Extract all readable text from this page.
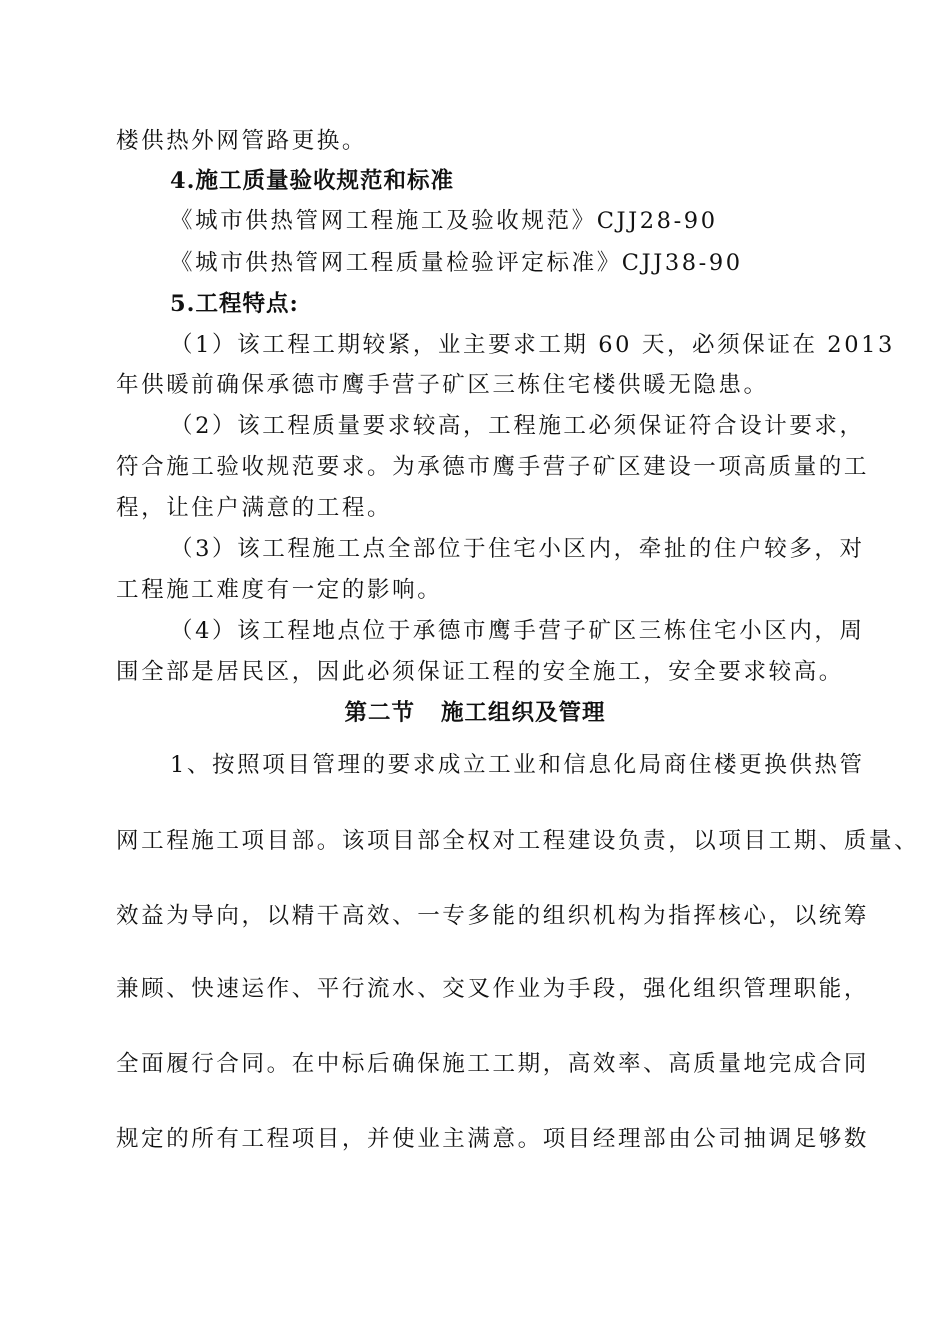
楼供热外网管路更换。
4.施工质量验收规范和标准
《城市供热管网工程施工及验收规范》CJJ28-90
《城市供热管网工程质量检验评定标准》CJJ38-90
5.工程特点:
（1）该工程工期较紧，业主要求工期 60 天，必须保证在 2013
年供暖前确保承德市鹰手营子矿区三栋住宅楼供暖无隐患。
（2）该工程质量要求较高，工程施工必须保证符合设计要求，
符合施工验收规范要求。为承德市鹰手营子矿区建设一项高质量的工
程，让住户满意的工程。
（3）该工程施工点全部位于住宅小区内，牵扯的住户较多，对
工程施工难度有一定的影响。
（4）该工程地点位于承德市鹰手营子矿区三栋住宅小区内，周
围全部是居民区，因此必须保证工程的安全施工，安全要求较高。
第二节 施工组织及管理
1、按照项目管理的要求成立工业和信息化局商住楼更换供热管
网工程施工项目部。该项目部全权对工程建设负责，以项目工期、质量、
效益为导向，以精干高效、一专多能的组织机构为指挥核心，以统筹
兼顾、快速运作、平行流水、交叉作业为手段，强化组织管理职能，
全面履行合同。在中标后确保施工工期，高效率、高质量地完成合同
规定的所有工程项目，并使业主满意。项目经理部由公司抽调足够数
